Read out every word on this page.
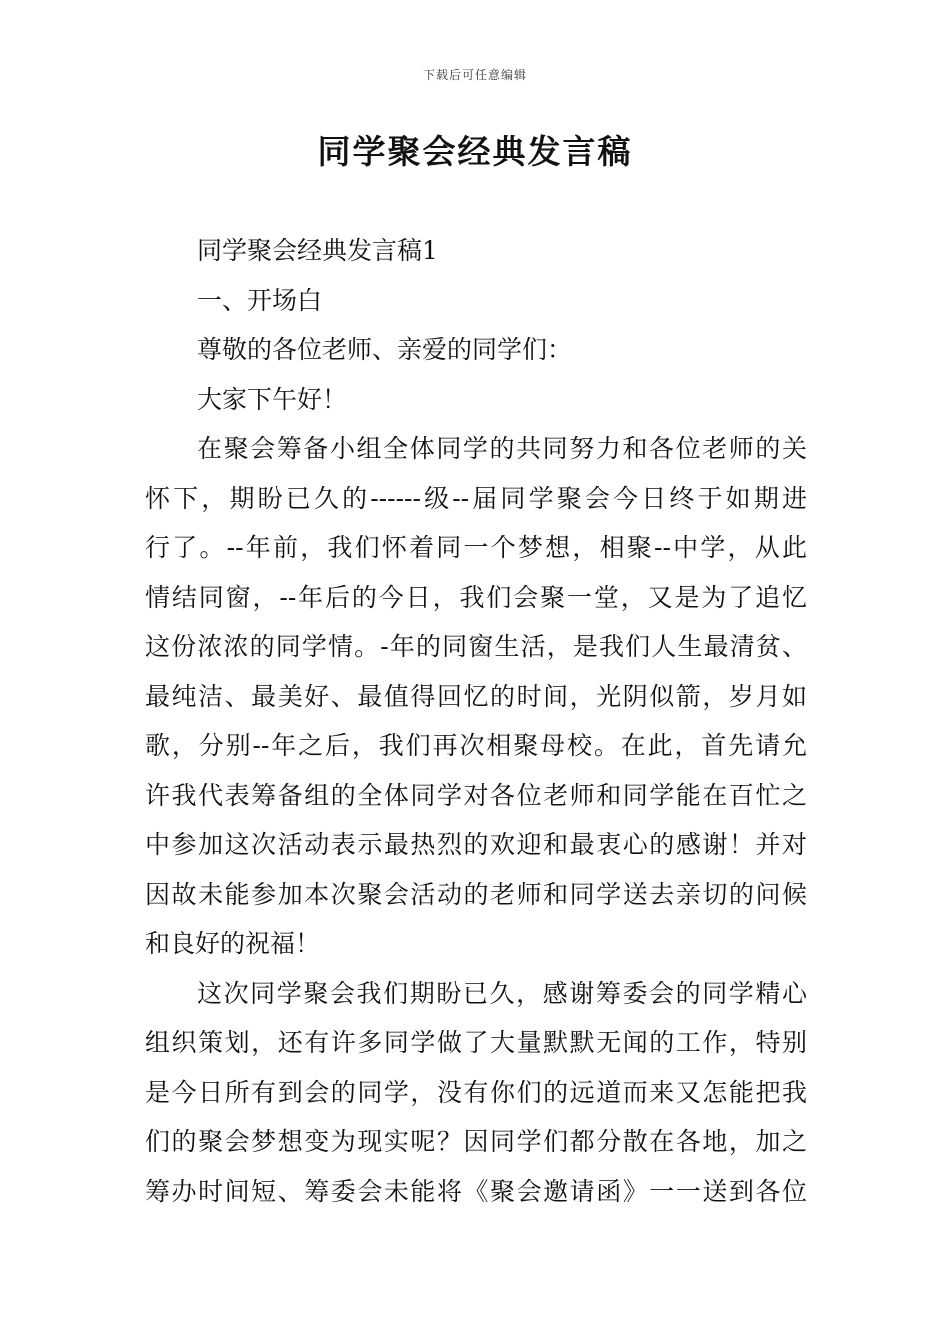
下载后可任意编辑
同学聚会经典发言稿
同学聚会经典发言稿1
一、开场白
尊敬的各位老师、亲爱的同学们：
大家下午好！
在聚会筹备小组全体同学的共同努力和各位老师的关
怀下，期盼已久的------级--届同学聚会今日终于如期进
行了。--年前，我们怀着同一个梦想，相聚--中学，从此
情结同窗，--年后的今日，我们会聚一堂，又是为了追忆
这份浓浓的同学情。-年的同窗生活，是我们人生最清贫、
最纯洁、最美好、最值得回忆的时间，光阴似箭，岁月如
歌，分别--年之后，我们再次相聚母校。在此，首先请允
许我代表筹备组的全体同学对各位老师和同学能在百忙之
中参加这次活动表示最热烈的欢迎和最衷心的感谢！并对
因故未能参加本次聚会活动的老师和同学送去亲切的问候
和良好的祝福！
这次同学聚会我们期盼已久，感谢筹委会的同学精心
组织策划，还有许多同学做了大量默默无闻的工作，特别
是今日所有到会的同学，没有你们的远道而来又怎能把我
们的聚会梦想变为现实呢？因同学们都分散在各地，加之
筹办时间短、筹委会未能将《聚会邀请函》一一送到各位
